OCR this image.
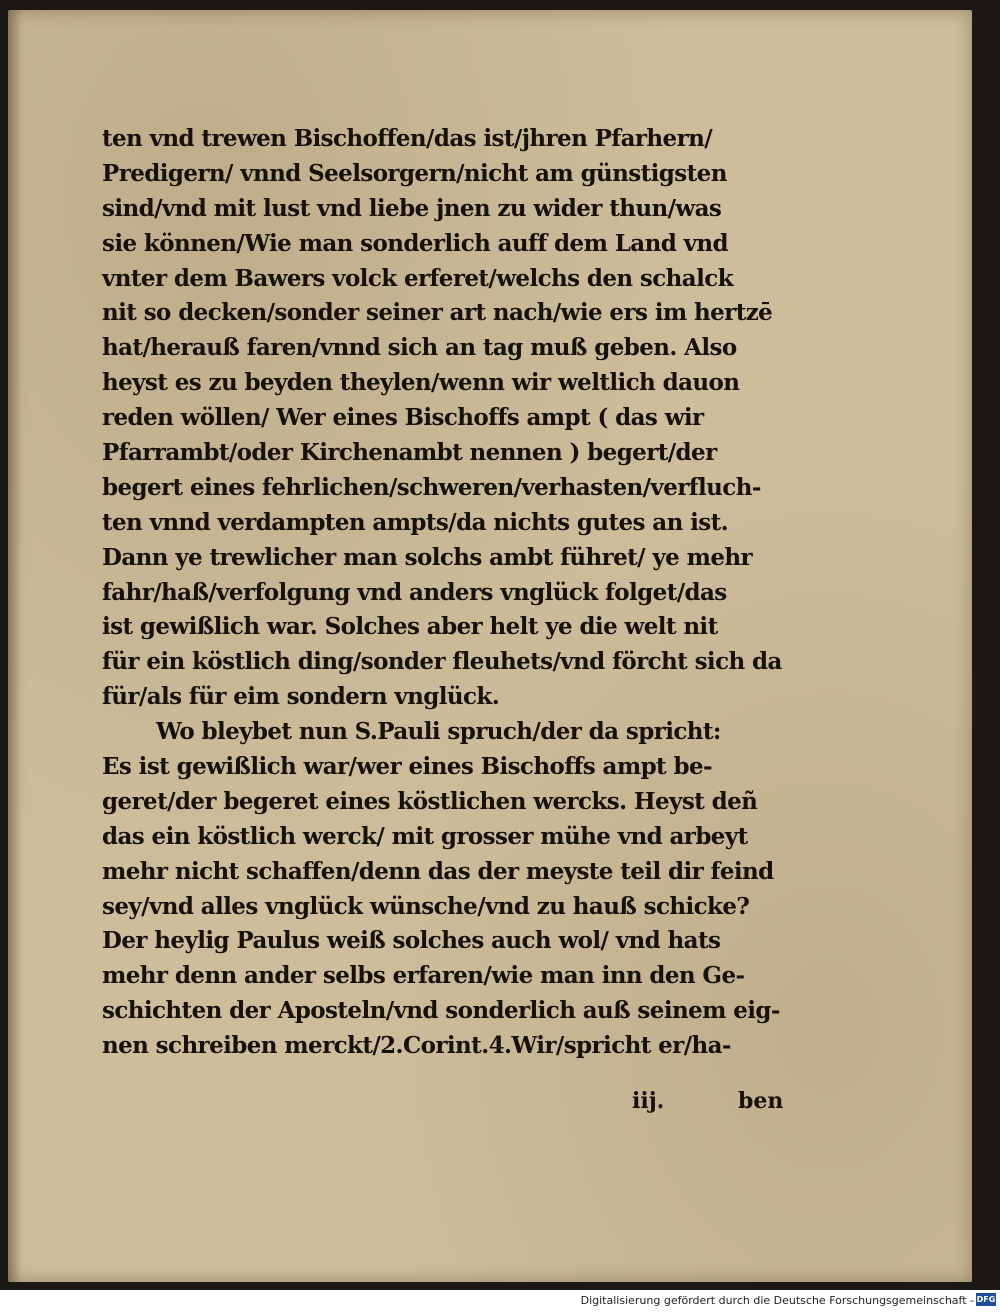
ten vnd trewen Bischoffen/das ist/jhren Pfarhern/
Predigern/ vnnd Seelsorgern/nicht am günstigsten
sind/vnd mit lust vnd liebe jnen zu wider thun/was
sie können/Wie man sonderlich auff dem Land vnd
vnter dem Bawers volck erferet/welchs den schalck
nit so decken/sonder seiner art nach/wie ers im hertzē
hat/herauß faren/vnnd sich an tag muß geben. Also
heyst es zu beyden theylen/wenn wir weltlich dauon
reden wöllen/ Wer eines Bischoffs ampt ( das wir
Pfarrambt/oder Kirchenambt nennen ) begert/der
begert eines fehrlichen/schweren/verhasten/verfluch-
ten vnnd verdampten ampts/da nichts gutes an ist.
Dann ye trewlicher man solchs ambt führet/ ye mehr
fahr/haß/verfolgung vnd anders vnglück folget/das
ist gewißlich war. Solches aber helt ye die welt nit
für ein köstlich ding/sonder fleuhets/vnd förcht sich da
für/als für eim sondern vnglück.
Wo bleybet nun S.Pauli spruch/der da spricht:
Es ist gewißlich war/wer eines Bischoffs ampt be-
geret/der begeret eines köstlichen wercks. Heyst deñ
das ein köstlich werck/ mit grosser mühe vnd arbeyt
mehr nicht schaffen/denn das der meyste teil dir feind
sey/vnd alles vnglück wünsche/vnd zu hauß schicke?
Der heylig Paulus weiß solches auch wol/ vnd hats
mehr denn ander selbs erfaren/wie man inn den Ge-
schichten der Aposteln/vnd sonderlich auß seinem eig-
nen schreiben merckt/2.Corint.4.Wir/spricht er/ha-
iij.	ben
Digitalisierung gefördert durch die Deutsche Forschungsgemeinschaft - DFG
